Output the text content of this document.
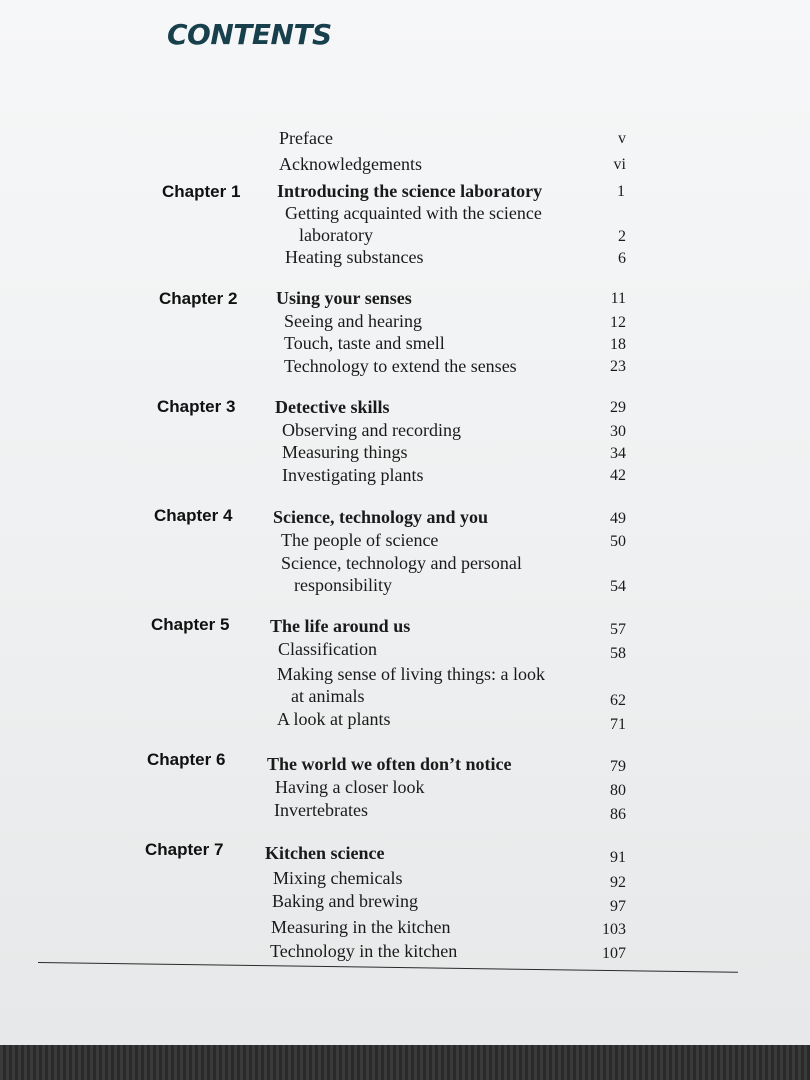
CONTENTS
Preface	v
Acknowledgements	vi
Chapter 1 Introducing the science laboratory	1
Getting acquainted with the science
laboratory	2
Heating substances	6
Chapter 2 Using your senses	11
Seeing and hearing	12
Touch, taste and smell	18
Technology to extend the senses	23
Chapter 3 Detective skills	29
Observing and recording	30
Measuring things	34
Investigating plants	42
Chapter 4 Science, technology and you	49
The people of science	50
Science, technology and personal
responsibility	54
Chapter 5 The life around us	57
Classification	58
Making sense of living things: a look
at animals	62
A look at plants	71
Chapter 6 The world we often don’t notice	79
Having a closer look	80
Invertebrates	86
Chapter 7 Kitchen science	91
Mixing chemicals	92
Baking and brewing	97
Measuring in the kitchen	103
Technology in the kitchen	107
